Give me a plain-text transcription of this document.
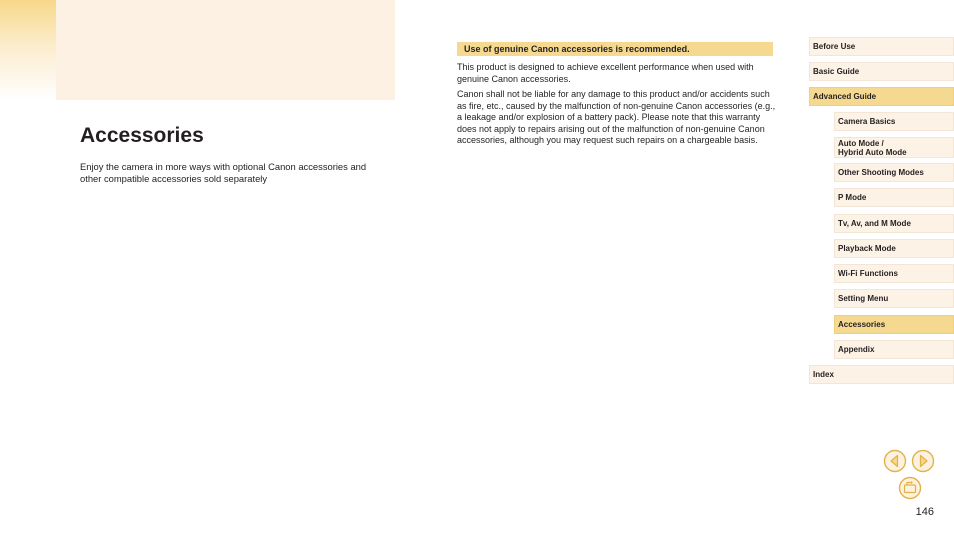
Accessories

Enjoy the camera in more ways with optional Canon accessories and other compatible accessories sold separately

Use of genuine Canon accessories is recommended.

This product is designed to achieve excellent performance when used with genuine Canon accessories.

Canon shall not be liable for any damage to this product and/or accidents such as fire, etc., caused by the malfunction of non-genuine Canon accessories (e.g., a leakage and/or explosion of a battery pack). Please note that this warranty does not apply to repairs arising out of the malfunction of non-genuine Canon accessories, although you may request such repairs on a chargeable basis.

Before Use
Basic Guide
Advanced Guide
Camera Basics
Auto Mode /
Hybrid Auto Mode
Other Shooting Modes
P Mode
Tv, Av, and M Mode
Playback Mode
Wi-Fi Functions
Setting Menu
Accessories
Appendix
Index
146
